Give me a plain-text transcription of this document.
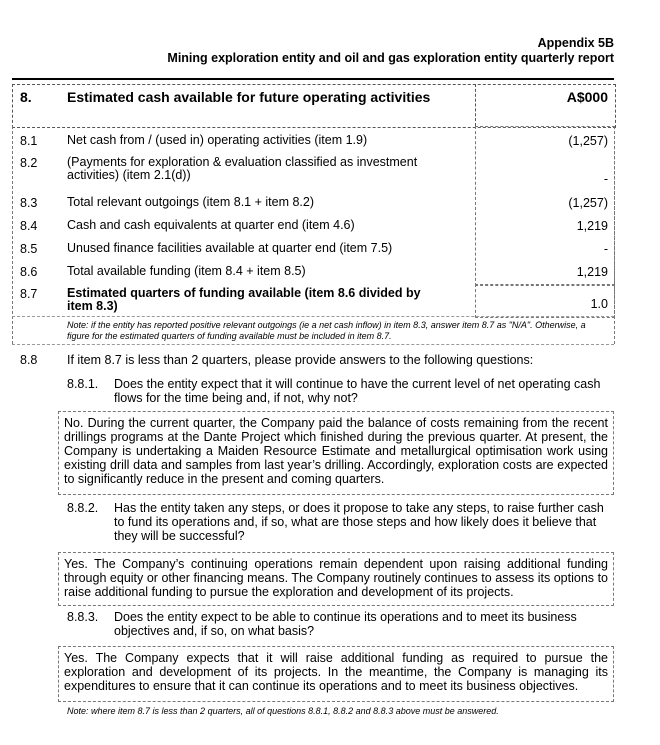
Appendix 5B
Mining exploration entity and oil and gas exploration entity quarterly report
8.	Estimated cash available for future operating activities	A$000
8.1 Net cash from / (used in) operating activities (item 1.9)	(1,257)
8.2 (Payments for exploration & evaluation classified as investment activities) (item 2.1(d))	-
8.3 Total relevant outgoings (item 8.1 + item 8.2)	(1,257)
8.4 Cash and cash equivalents at quarter end (item 4.6)	1,219
8.5 Unused finance facilities available at quarter end (item 7.5)	-
8.6 Total available funding (item 8.4 + item 8.5)	1,219
8.7 Estimated quarters of funding available (item 8.6 divided by item 8.3)	1.0
Note: if the entity has reported positive relevant outgoings (ie a net cash inflow) in item 8.3, answer item 8.7 as "N/A". Otherwise, a figure for the estimated quarters of funding available must be included in item 8.7.
8.8 If item 8.7 is less than 2 quarters, please provide answers to the following questions:
8.8.1. Does the entity expect that it will continue to have the current level of net operating cash flows for the time being and, if not, why not?
No. During the current quarter, the Company paid the balance of costs remaining from the recent drillings programs at the Dante Project which finished during the previous quarter. At present, the Company is undertaking a Maiden Resource Estimate and metallurgical optimisation work using existing drill data and samples from last year’s drilling. Accordingly, exploration costs are expected to significantly reduce in the present and coming quarters.
8.8.2. Has the entity taken any steps, or does it propose to take any steps, to raise further cash to fund its operations and, if so, what are those steps and how likely does it believe that they will be successful?
Yes. The Company’s continuing operations remain dependent upon raising additional funding through equity or other financing means. The Company routinely continues to assess its options to raise additional funding to pursue the exploration and development of its projects.
8.8.3. Does the entity expect to be able to continue its operations and to meet its business objectives and, if so, on what basis?
Yes. The Company expects that it will raise additional funding as required to pursue the exploration and development of its projects. In the meantime, the Company is managing its expenditures to ensure that it can continue its operations and to meet its business objectives.
Note: where item 8.7 is less than 2 quarters, all of questions 8.8.1, 8.8.2 and 8.8.3 above must be answered.
